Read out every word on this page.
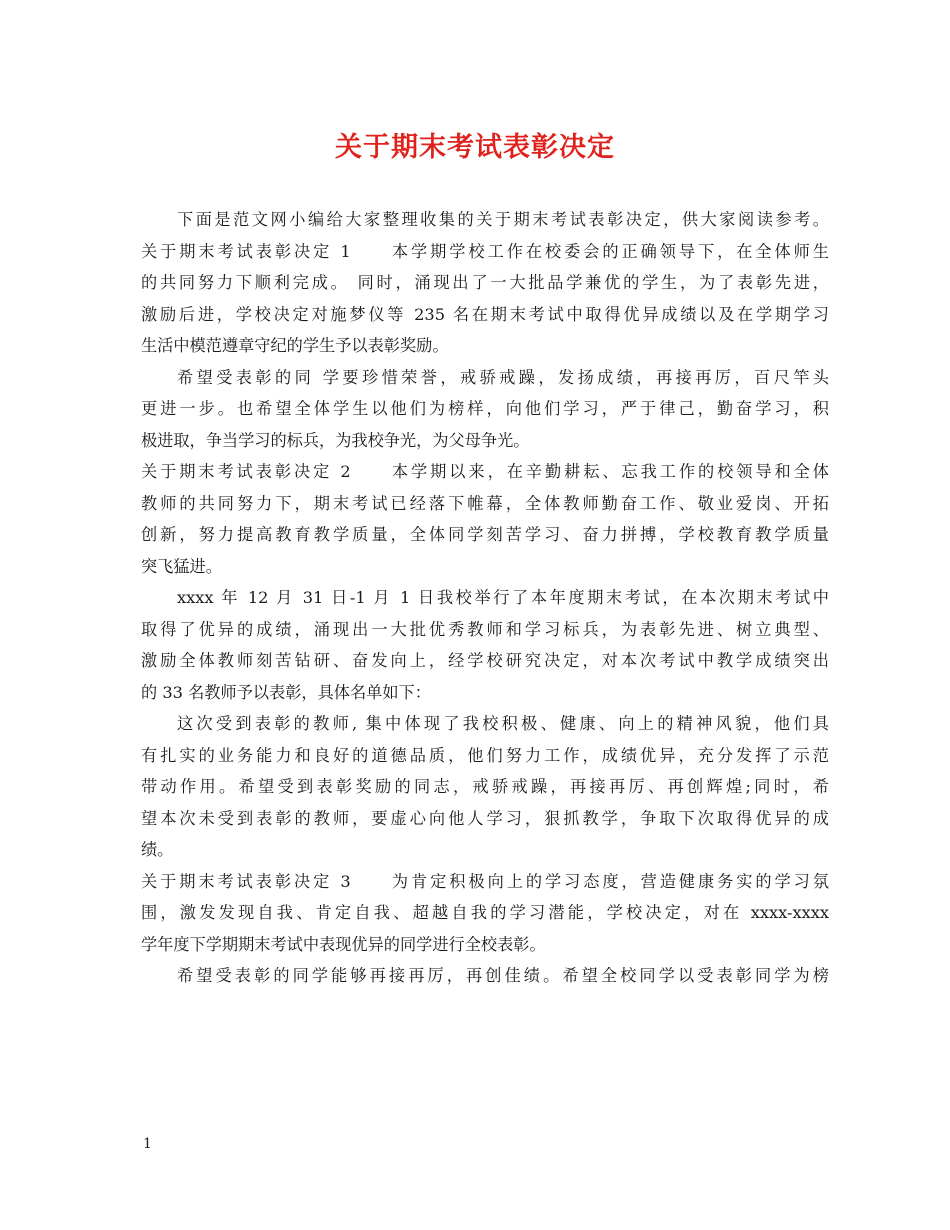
关于期末考试表彰决定
下面是范文网小编给大家整理收集的关于期末考试表彰决定，供大家阅读参考。
关于期末考试表彰决定 1　　本学期学校工作在校委会的正确领导下，在全体师生
的共同努力下顺利完成。 同时，涌现出了一大批品学兼优的学生，为了表彰先进，
激励后进，学校决定对施梦仪等 235 名在期末考试中取得优异成绩以及在学期学习
生活中模范遵章守纪的学生予以表彰奖励。
希望受表彰的同 学要珍惜荣誉，戒骄戒躁，发扬成绩，再接再厉，百尺竿头
更进一步。也希望全体学生以他们为榜样，向他们学习，严于律己，勤奋学习，积
极进取，争当学习的标兵，为我校争光，为父母争光。
关于期末考试表彰决定 2　　本学期以来，在辛勤耕耘、忘我工作的校领导和全体
教师的共同努力下，期末考试已经落下帷幕，全体教师勤奋工作、敬业爱岗、开拓
创新，努力提高教育教学质量，全体同学刻苦学习、奋力拼搏，学校教育教学质量
突飞猛进。
xxxx 年 12 月 31 日-1 月 1 日我校举行了本年度期末考试，在本次期末考试中
取得了优异的成绩，涌现出一大批优秀教师和学习标兵，为表彰先进、树立典型、
激励全体教师刻苦钻研、奋发向上，经学校研究决定，对本次考试中教学成绩突出
的 33 名教师予以表彰，具体名单如下：
这次受到表彰的教师, 集中体现了我校积极、健康、向上的精神风貌，他们具
有扎实的业务能力和良好的道德品质，他们努力工作，成绩优异，充分发挥了示范
带动作用。希望受到表彰奖励的同志，戒骄戒躁，再接再厉、再创辉煌;同时，希
望本次未受到表彰的教师，要虚心向他人学习，狠抓教学，争取下次取得优异的成
绩。
关于期末考试表彰决定 3　　为肯定积极向上的学习态度，营造健康务实的学习氛
围，激发发现自我、肯定自我、超越自我的学习潜能，学校决定，对在 xxxx-xxxx
学年度下学期期末考试中表现优异的同学进行全校表彰。
希望受表彰的同学能够再接再厉，再创佳绩。希望全校同学以受表彰同学为榜
1
